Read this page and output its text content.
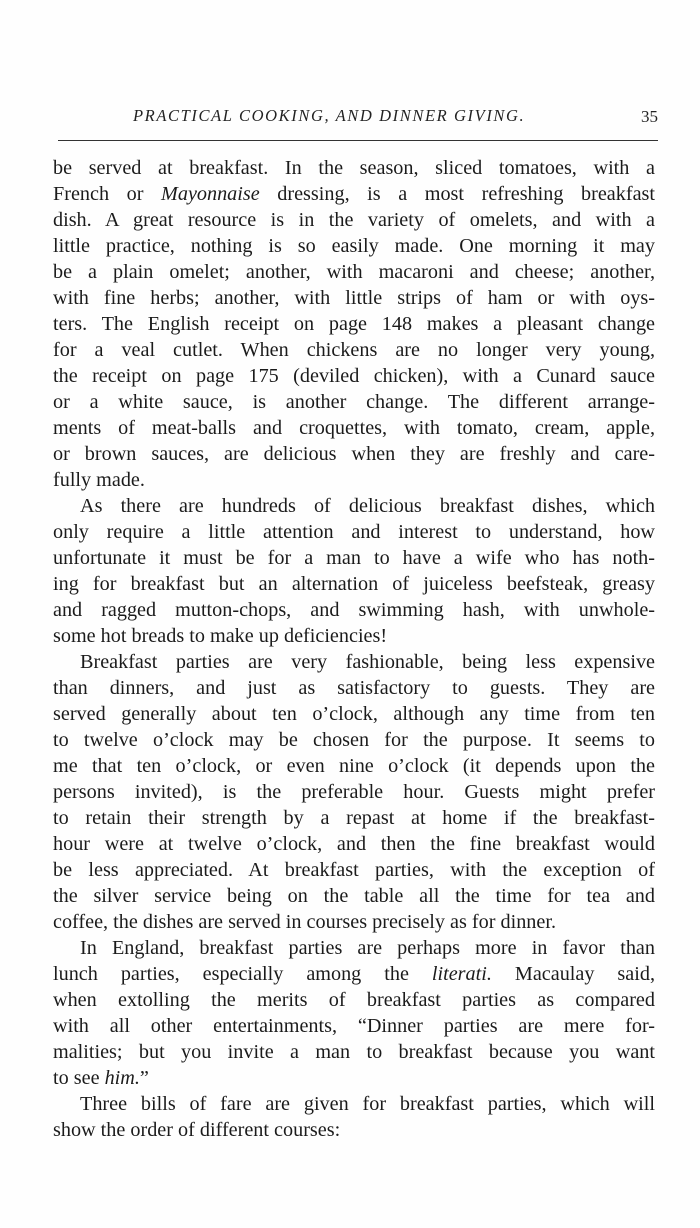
PRACTICAL COOKING, AND DINNER GIVING.	35
be served at breakfast. In the season, sliced tomatoes, with a
French or Mayonnaise dressing, is a most refreshing breakfast
dish. A great resource is in the variety of omelets, and with a
little practice, nothing is so easily made. One morning it may
be a plain omelet; another, with macaroni and cheese; another,
with fine herbs; another, with little strips of ham or with oys-
ters. The English receipt on page 148 makes a pleasant change
for a veal cutlet. When chickens are no longer very young,
the receipt on page 175 (deviled chicken), with a Cunard sauce
or a white sauce, is another change. The different arrange-
ments of meat-balls and croquettes, with tomato, cream, apple,
or brown sauces, are delicious when they are freshly and care-
fully made.
As there are hundreds of delicious breakfast dishes, which
only require a little attention and interest to understand, how
unfortunate it must be for a man to have a wife who has noth-
ing for breakfast but an alternation of juiceless beefsteak, greasy
and ragged mutton-chops, and swimming hash, with unwhole-
some hot breads to make up deficiencies!
Breakfast parties are very fashionable, being less expensive
than dinners, and just as satisfactory to guests. They are
served generally about ten o’clock, although any time from ten
to twelve o’clock may be chosen for the purpose. It seems to
me that ten o’clock, or even nine o’clock (it depends upon the
persons invited), is the preferable hour. Guests might prefer
to retain their strength by a repast at home if the breakfast-
hour were at twelve o’clock, and then the fine breakfast would
be less appreciated. At breakfast parties, with the exception of
the silver service being on the table all the time for tea and
coffee, the dishes are served in courses precisely as for dinner.
In England, breakfast parties are perhaps more in favor than
lunch parties, especially among the literati. Macaulay said,
when extolling the merits of breakfast parties as compared
with all other entertainments, “Dinner parties are mere for-
malities; but you invite a man to breakfast because you want
to see him.”
Three bills of fare are given for breakfast parties, which will
show the order of different courses:
